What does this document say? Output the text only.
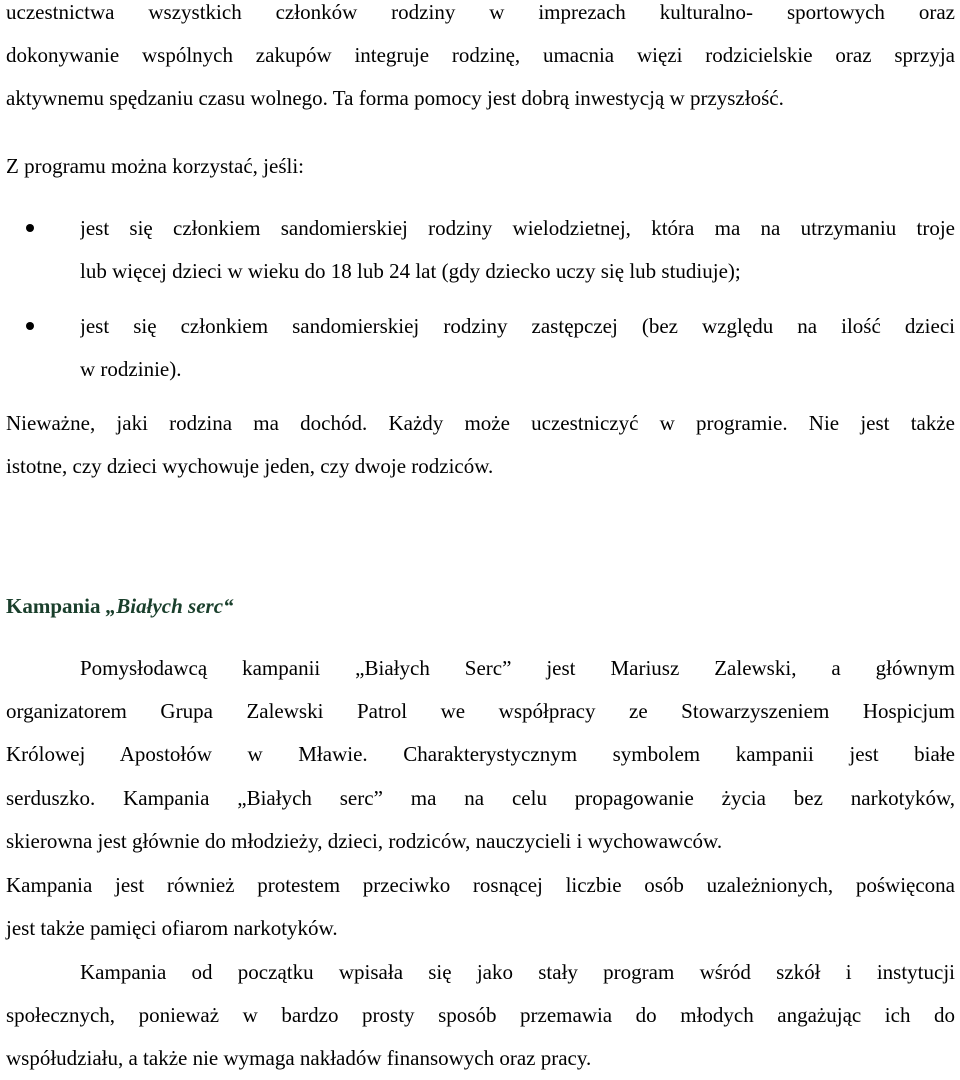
uczestnictwa wszystkich członków rodziny w imprezach kulturalno- sportowych oraz
dokonywanie wspólnych zakupów integruje rodzinę, umacnia więzi rodzicielskie oraz sprzyja
aktywnemu spędzaniu czasu wolnego. Ta forma pomocy jest dobrą inwestycją w przyszłość.
Z programu można korzystać, jeśli:
jest się członkiem sandomierskiej rodziny wielodzietnej, która ma na utrzymaniu troje
lub więcej dzieci w wieku do 18 lub 24 lat (gdy dziecko uczy się lub studiuje);
jest się członkiem sandomierskiej rodziny zastępczej (bez względu na ilość dzieci
w rodzinie).
Nieważne, jaki rodzina ma dochód. Każdy może uczestniczyć w programie. Nie jest także
istotne, czy dzieci wychowuje jeden, czy dwoje rodziców.
Kampania „Białych serc“
Pomysłodawcą kampanii „Białych Serc” jest Mariusz Zalewski, a głównym
organizatorem Grupa Zalewski Patrol we współpracy ze Stowarzyszeniem Hospicjum
Królowej Apostołów w Mławie. Charakterystycznym symbolem kampanii jest białe
serduszko. Kampania „Białych serc” ma na celu propagowanie życia bez narkotyków,
skierowna jest głównie do młodzieży, dzieci, rodziców, nauczycieli i wychowawców.
Kampania jest również protestem przeciwko rosnącej liczbie osób uzależnionych, poświęcona
jest także pamięci ofiarom narkotyków.
Kampania od początku wpisała się jako stały program wśród szkół i instytucji
społecznych, ponieważ w bardzo prosty sposób przemawia do młodych angażując ich do
współudziału, a także nie wymaga nakładów finansowych oraz pracy.
